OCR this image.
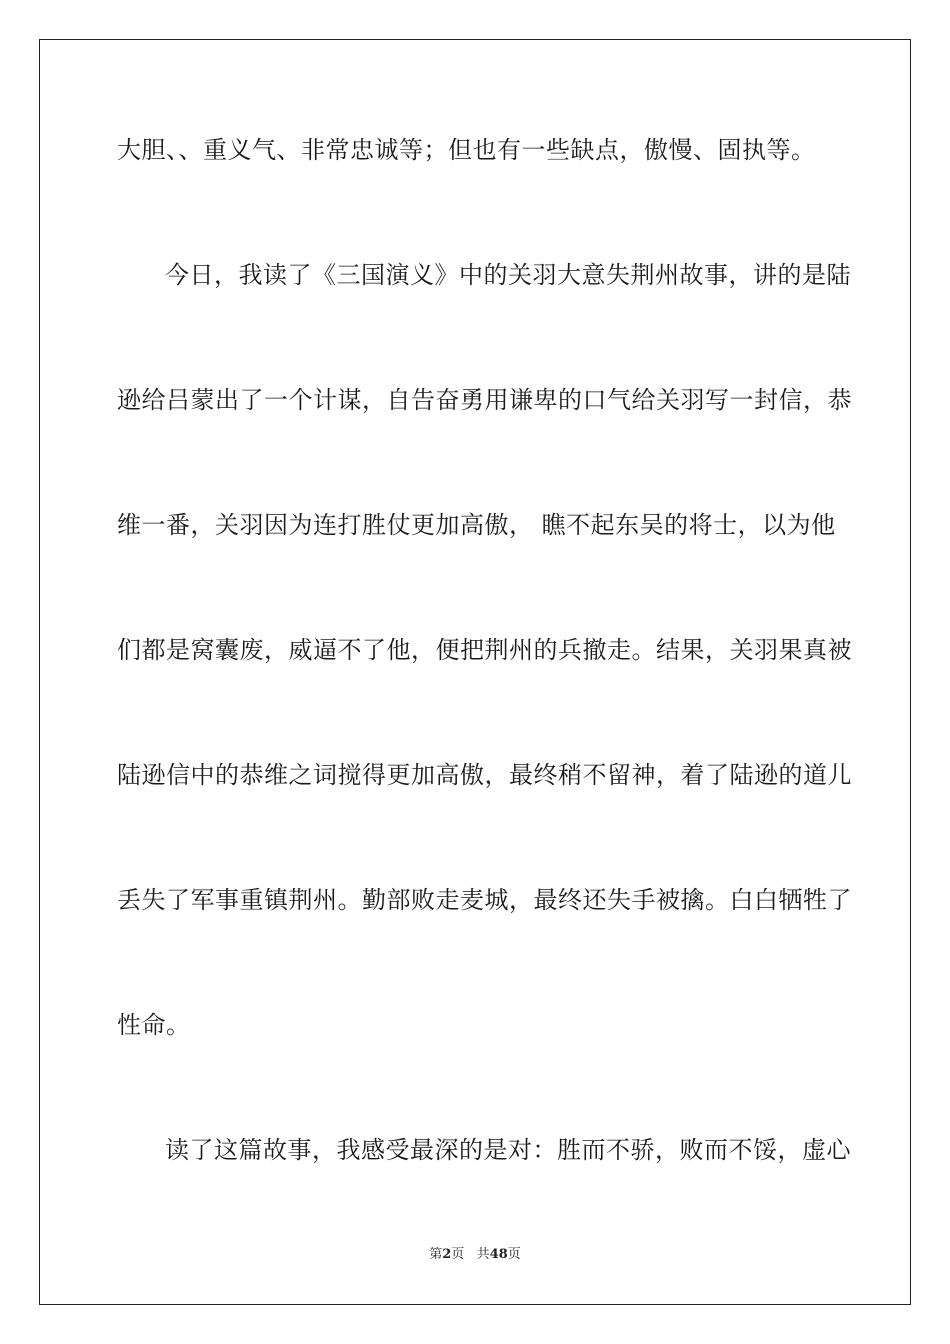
大胆、、重义气、非常忠诚等；但也有一些缺点，傲慢、固执等。
今日，我读了《三国演义》中的关羽大意失荆州故事，讲的是陆
逊给吕蒙出了一个计谋，自告奋勇用谦卑的口气给关羽写一封信，恭
维一番，关羽因为连打胜仗更加高傲， 瞧不起东吴的将士，以为他
们都是窝囊废，威逼不了他，便把荆州的兵撤走。结果，关羽果真被
陆逊信中的恭维之词搅得更加高傲，最终稍不留神，着了陆逊的道儿
丢失了军事重镇荆州。勤部败走麦城，最终还失手被擒。白白牺牲了
性命。
读了这篇故事，我感受最深的是对：胜而不骄，败而不馁，虚心
第2页 共48页
